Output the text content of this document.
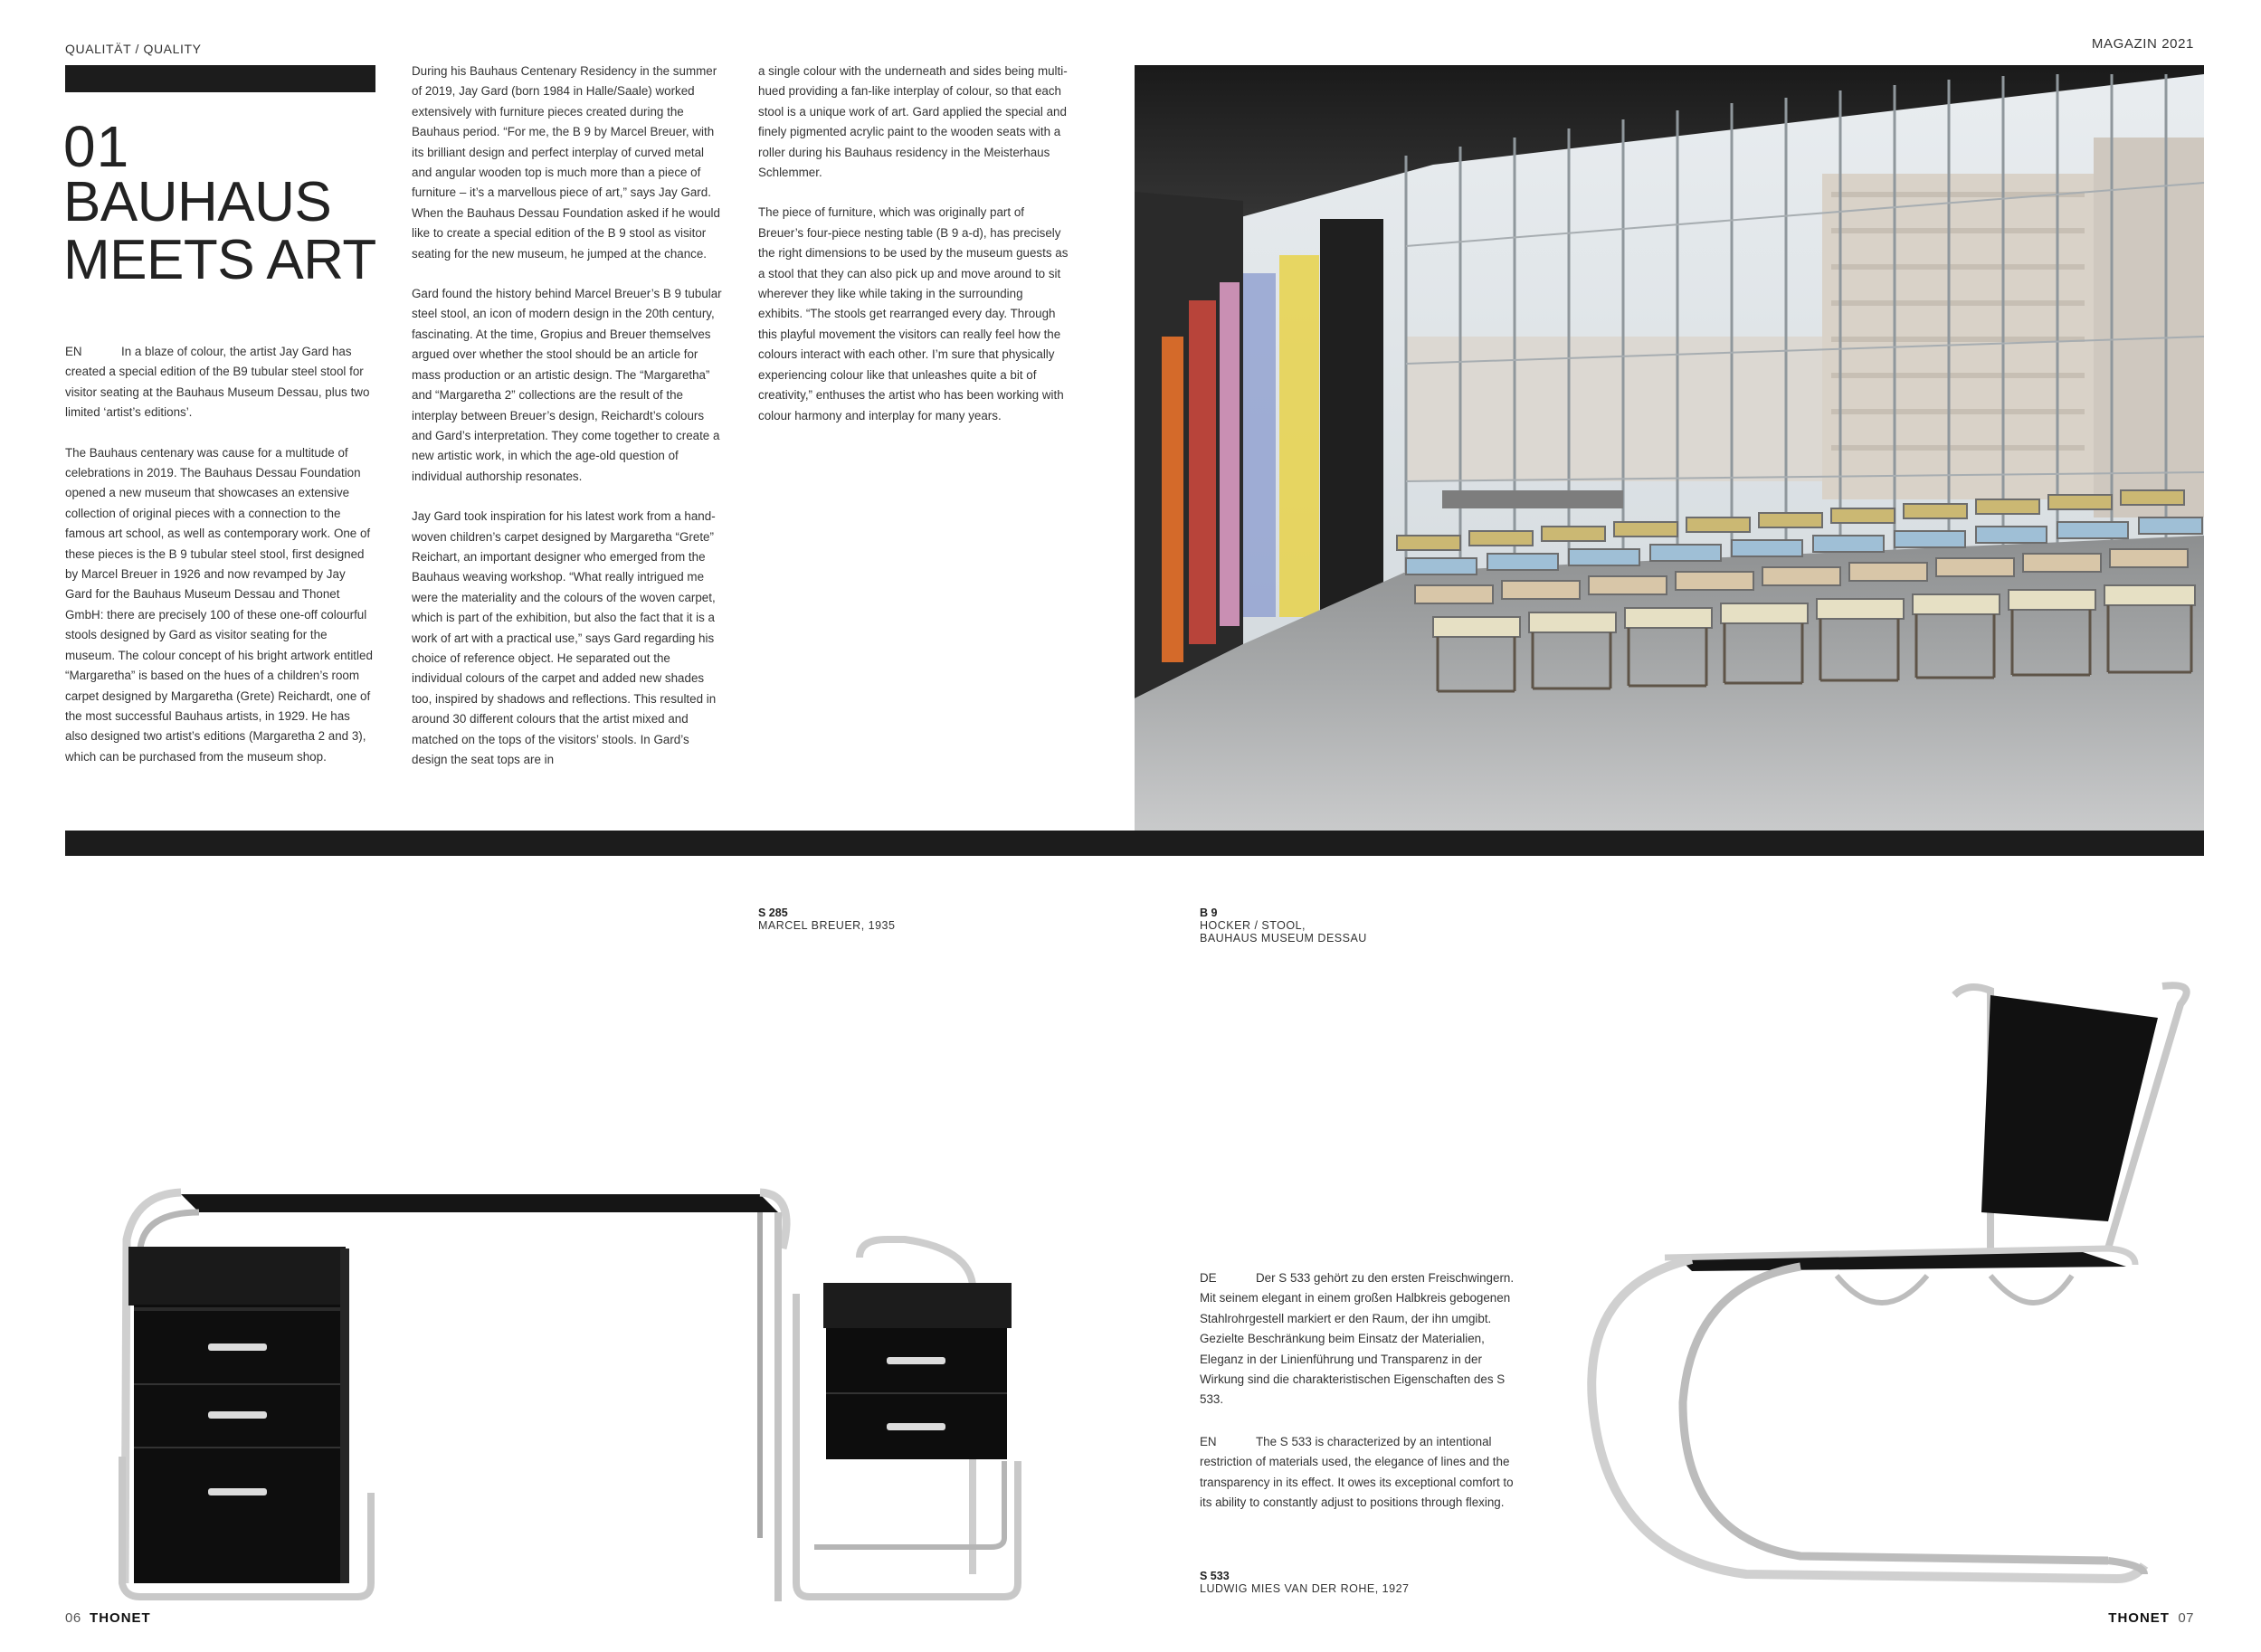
QUALITÄT / QUALITY	MAGAZIN 2021
01
BAUHAUS
MEETS ART

EN	In a blaze of colour, the artist Jay Gard has created a special edition of the B9 tubular steel stool for visitor seating at the Bauhaus Museum Dessau, plus two limited ‘artist’s editions’.

The Bauhaus centenary was cause for a multitude of celebrations in 2019. The Bauhaus Dessau Foundation opened a new museum that showcases an extensive collection of original pieces with a connection to the famous art school, as well as contemporary work. One of these pieces is the B 9 tubular steel stool, first designed by Marcel Breuer in 1926 and now revamped by Jay Gard for the Bauhaus Museum Dessau and Thonet GmbH: there are precisely 100 of these one-off colourful stools designed by Gard as visitor seating for the museum. The colour concept of his bright artwork entitled “Margaretha” is based on the hues of a children’s room carpet designed by Margaretha (Grete) Reichardt, one of the most successful Bauhaus artists, in 1929. He has also designed two artist’s editions (Margaretha 2 and 3), which can be purchased from the museum shop.

During his Bauhaus Centenary Residency in the summer of 2019, Jay Gard (born 1984 in Halle/Saale) worked extensively with furniture pieces created during the Bauhaus period. “For me, the B 9 by Marcel Breuer, with its brilliant design and perfect interplay of curved metal and angular wooden top is much more than a piece of furniture – it’s a marvellous piece of art,” says Jay Gard. When the Bauhaus Dessau Foundation asked if he would like to create a special edition of the B 9 stool as visitor seating for the new museum, he jumped at the chance.

Gard found the history behind Marcel Breuer’s B 9 tubular steel stool, an icon of modern design in the 20th century, fascinating. At the time, Gropius and Breuer themselves argued over whether the stool should be an article for mass production or an artistic design. The “Margaretha” and “Margaretha 2” collections are the result of the interplay between Breuer’s design, Reichardt’s colours and Gard’s interpretation. They come together to create a new artistic work, in which the age-old question of individual authorship resonates.

Jay Gard took inspiration for his latest work from a hand-woven children’s carpet designed by Margaretha “Grete” Reichart, an important designer who emerged from the Bauhaus weaving workshop. “What really intrigued me were the materiality and the colours of the woven carpet, which is part of the exhibition, but also the fact that it is a work of art with a practical use,” says Gard regarding his choice of reference object. He separated out the individual colours of the carpet and added new shades too, inspired by shadows and reflections. This resulted in around 30 different colours that the artist mixed and matched on the tops of the visitors’ stools. In Gard’s design the seat tops are in

a single colour with the underneath and sides being multi-hued providing a fan-like interplay of colour, so that each stool is a unique work of art. Gard applied the special and finely pigmented acrylic paint to the wooden seats with a roller during his Bauhaus residency in the Meisterhaus Schlemmer.

The piece of furniture, which was originally part of Breuer’s four-piece nesting table (B 9 a-d), has precisely the right dimensions to be used by the museum guests as a stool that they can also pick up and move around to sit wherever they like while taking in the surrounding exhibits. “The stools get rearranged every day. Through this playful movement the visitors can really feel how the colours interact with each other. I’m sure that physically experiencing colour like that unleashes quite a bit of creativity,” enthuses the artist who has been working with colour harmony and interplay for many years.

S 285
MARCEL BREUER, 1935
B 9
HOCKER / STOOL,
BAUHAUS MUSEUM DESSAU

DE	Der S 533 gehört zu den ersten Freischwingern. Mit seinem elegant in einem großen Halbkreis gebogenen Stahlrohrgestell markiert er den Raum, der ihn umgibt. Gezielte Beschränkung beim Einsatz der Materialien, Eleganz in der Linienführung und Transparenz in der Wirkung sind die charakteristischen Eigenschaften des S 533.

EN	The S 533 is characterized by an intentional restriction of materials used, the elegance of lines and the transparency in its effect. It owes its exceptional comfort to its ability to constantly adjust to positions through flexing.

S 533
LUDWIG MIES VAN DER ROHE, 1927
06 THONET	THONET 07
